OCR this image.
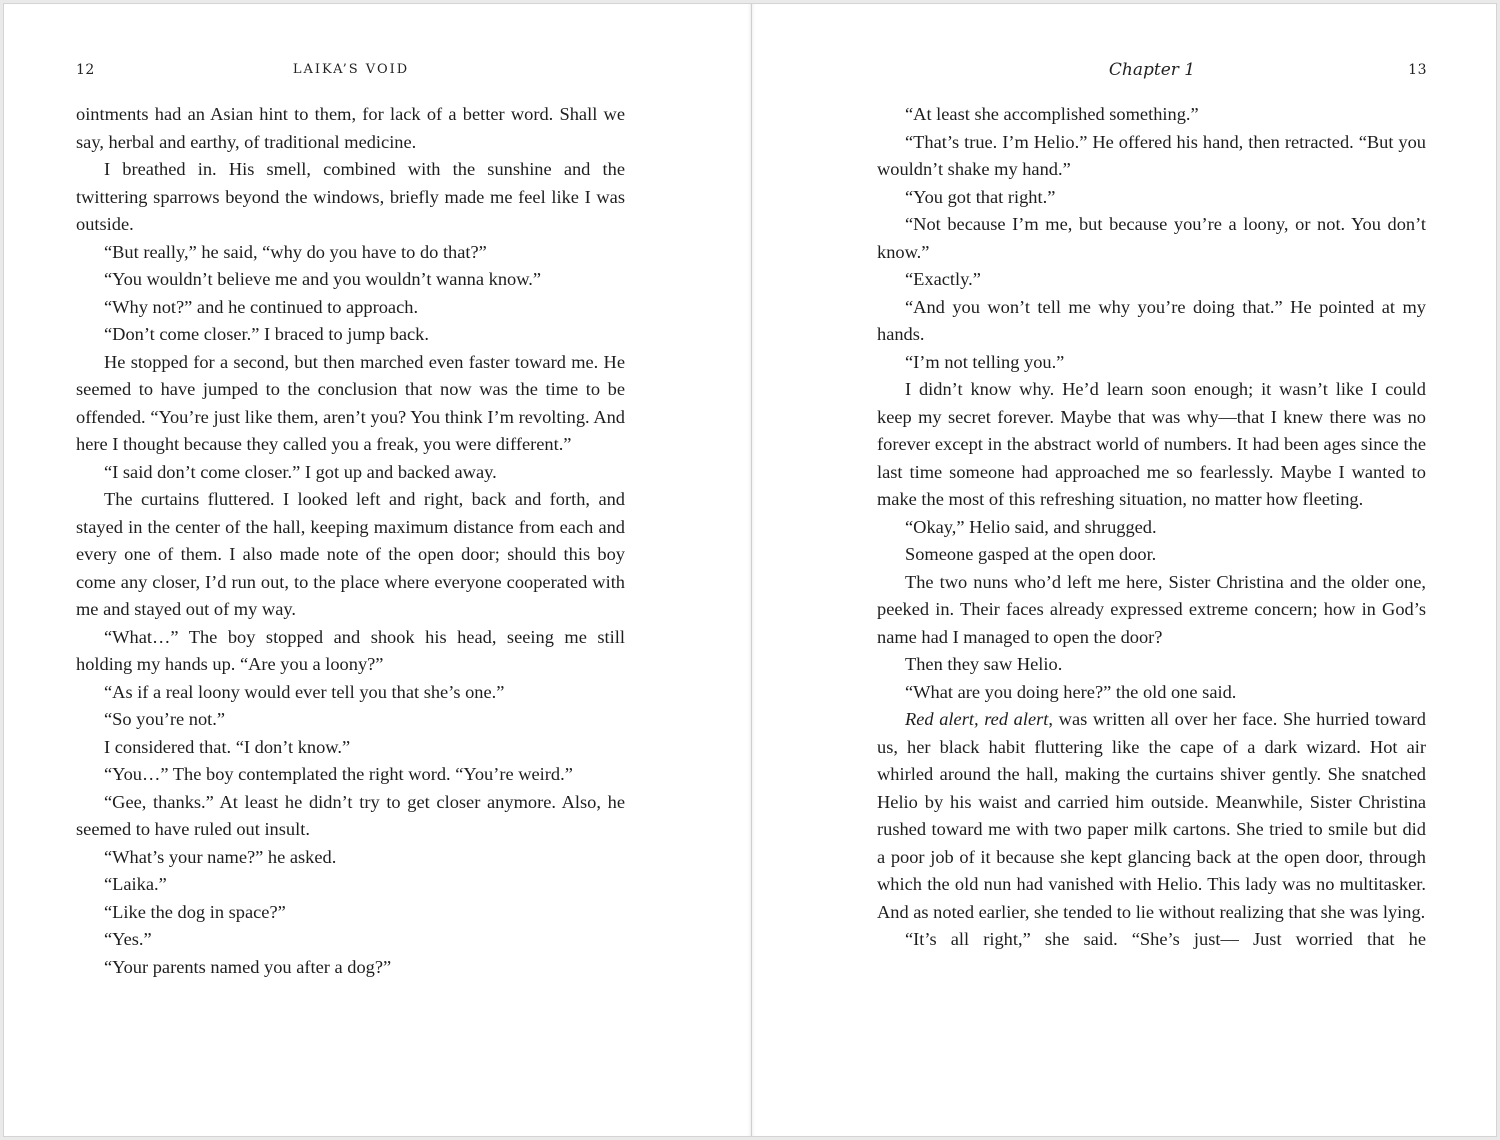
12	LAIKA’S VOID

ointments had an Asian hint to them, for lack of a better word. Shall we say, herbal and earthy, of traditional medicine.

I breathed in. His smell, combined with the sunshine and the twittering sparrows beyond the windows, briefly made me feel like I was outside.

“But really,” he said, “why do you have to do that?”

“You wouldn’t believe me and you wouldn’t wanna know.”

“Why not?” and he continued to approach.

“Don’t come closer.” I braced to jump back.

He stopped for a second, but then marched even faster toward me. He seemed to have jumped to the conclusion that now was the time to be offended. “You’re just like them, aren’t you? You think I’m revolting. And here I thought because they called you a freak, you were different.”

“I said don’t come closer.” I got up and backed away.

The curtains fluttered. I looked left and right, back and forth, and stayed in the center of the hall, keeping maximum distance from each and every one of them. I also made note of the open door; should this boy come any closer, I’d run out, to the place where everyone cooperated with me and stayed out of my way.

“What…” The boy stopped and shook his head, seeing me still holding my hands up. “Are you a loony?”

“As if a real loony would ever tell you that she’s one.”

“So you’re not.”

I considered that. “I don’t know.”

“You…” The boy contemplated the right word. “You’re weird.”

“Gee, thanks.” At least he didn’t try to get closer anymore. Also, he seemed to have ruled out insult.

“What’s your name?” he asked.

“Laika.”

“Like the dog in space?”

“Yes.”

“Your parents named you after a dog?”

Chapter 1	13

“At least she accomplished something.”

“That’s true. I’m Helio.” He offered his hand, then retracted. “But you wouldn’t shake my hand.”

“You got that right.”

“Not because I’m me, but because you’re a loony, or not. You don’t know.”

“Exactly.”

“And you won’t tell me why you’re doing that.” He pointed at my hands.

“I’m not telling you.”

I didn’t know why. He’d learn soon enough; it wasn’t like I could keep my secret forever. Maybe that was why—that I knew there was no forever except in the abstract world of numbers. It had been ages since the last time someone had approached me so fearlessly. Maybe I wanted to make the most of this refreshing situation, no matter how fleeting.

“Okay,” Helio said, and shrugged.

Someone gasped at the open door.

The two nuns who’d left me here, Sister Christina and the older one, peeked in. Their faces already expressed extreme concern; how in God’s name had I managed to open the door?

Then they saw Helio.

“What are you doing here?” the old one said.

Red alert, red alert, was written all over her face. She hurried toward us, her black habit fluttering like the cape of a dark wizard. Hot air whirled around the hall, making the curtains shiver gently. She snatched Helio by his waist and carried him outside. Meanwhile, Sister Christina rushed toward me with two paper milk cartons. She tried to smile but did a poor job of it because she kept glancing back at the open door, through which the old nun had vanished with Helio. This lady was no multitasker. And as noted earlier, she tended to lie without realizing that she was lying.

“It’s all right,” she said. “She’s just— Just worried that he
